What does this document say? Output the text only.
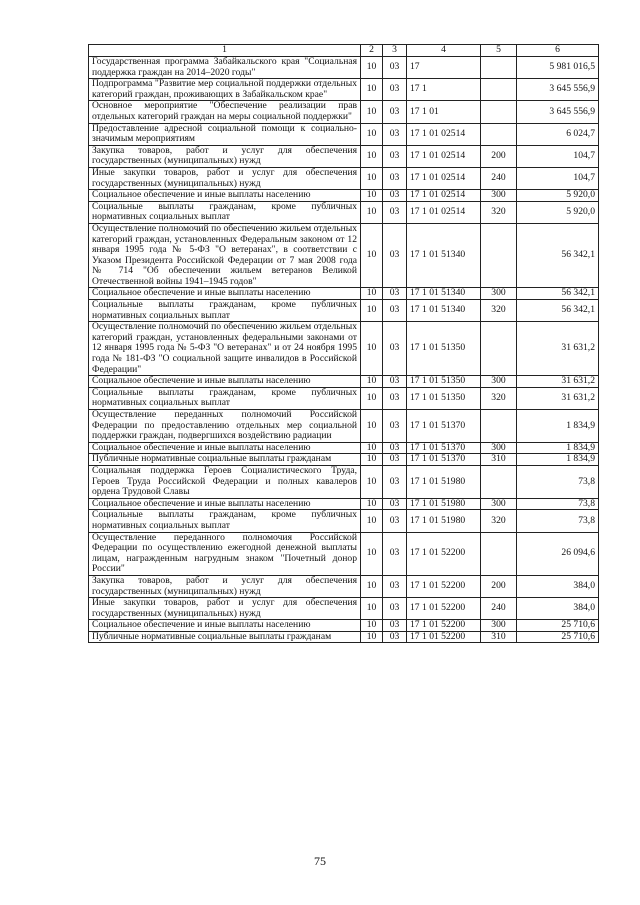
1	2	3	4	5	6
Государственная программа Забайкальского края "Социальная поддержка граждан на 2014–2020 годы"	10	03	17		5 981 016,5
Подпрограмма "Развитие мер социальной поддержки отдельных категорий граждан, проживающих в Забайкальском крае"	10	03	17 1		3 645 556,9
Основное мероприятие "Обеспечение реализации прав отдельных категорий граждан на меры социальной поддержки"	10	03	17 1 01		3 645 556,9
Предоставление адресной социальной помощи к социально-значимым мероприятиям	10	03	17 1 01 02514		6 024,7
Закупка товаров, работ и услуг для обеспечения государственных (муниципальных) нужд	10	03	17 1 01 02514	200	104,7
Иные закупки товаров, работ и услуг для обеспечения государственных (муниципальных) нужд	10	03	17 1 01 02514	240	104,7
Социальное обеспечение и иные выплаты населению	10	03	17 1 01 02514	300	5 920,0
Социальные выплаты гражданам, кроме публичных нормативных социальных выплат	10	03	17 1 01 02514	320	5 920,0
Осуществление полномочий по обеспечению жильем отдельных категорий граждан, установленных Федеральным законом от 12 января 1995 года № 5-ФЗ "О ветеранах", в соответствии с Указом Президента Российской Федерации от 7 мая 2008 года № 714 "Об обеспечении жильем ветеранов Великой Отечественной войны 1941–1945 годов"	10	03	17 1 01 51340		56 342,1
Социальное обеспечение и иные выплаты населению	10	03	17 1 01 51340	300	56 342,1
Социальные выплаты гражданам, кроме публичных нормативных социальных выплат	10	03	17 1 01 51340	320	56 342,1
Осуществление полномочий по обеспечению жильем отдельных категорий граждан, установленных федеральными законами от 12 января 1995 года № 5-ФЗ "О ветеранах" и от 24 ноября 1995 года № 181-ФЗ "О социальной защите инвалидов в Российской Федерации"	10	03	17 1 01 51350		31 631,2
Социальное обеспечение и иные выплаты населению	10	03	17 1 01 51350	300	31 631,2
Социальные выплаты гражданам, кроме публичных нормативных социальных выплат	10	03	17 1 01 51350	320	31 631,2
Осуществление переданных полномочий Российской Федерации по предоставлению отдельных мер социальной поддержки граждан, подвергшихся воздействию радиации	10	03	17 1 01 51370		1 834,9
Социальное обеспечение и иные выплаты населению	10	03	17 1 01 51370	300	1 834,9
Публичные нормативные социальные выплаты гражданам	10	03	17 1 01 51370	310	1 834,9
Социальная поддержка Героев Социалистического Труда, Героев Труда Российской Федерации и полных кавалеров ордена Трудовой Славы	10	03	17 1 01 51980		73,8
Социальное обеспечение и иные выплаты населению	10	03	17 1 01 51980	300	73,8
Социальные выплаты гражданам, кроме публичных нормативных социальных выплат	10	03	17 1 01 51980	320	73,8
Осуществление переданного полномочия Российской Федерации по осуществлению ежегодной денежной выплаты лицам, награжденным нагрудным знаком "Почетный донор России"	10	03	17 1 01 52200		26 094,6
Закупка товаров, работ и услуг для обеспечения государственных (муниципальных) нужд	10	03	17 1 01 52200	200	384,0
Иные закупки товаров, работ и услуг для обеспечения государственных (муниципальных) нужд	10	03	17 1 01 52200	240	384,0
Социальное обеспечение и иные выплаты населению	10	03	17 1 01 52200	300	25 710,6
Публичные нормативные социальные выплаты гражданам	10	03	17 1 01 52200	310	25 710,6
75
